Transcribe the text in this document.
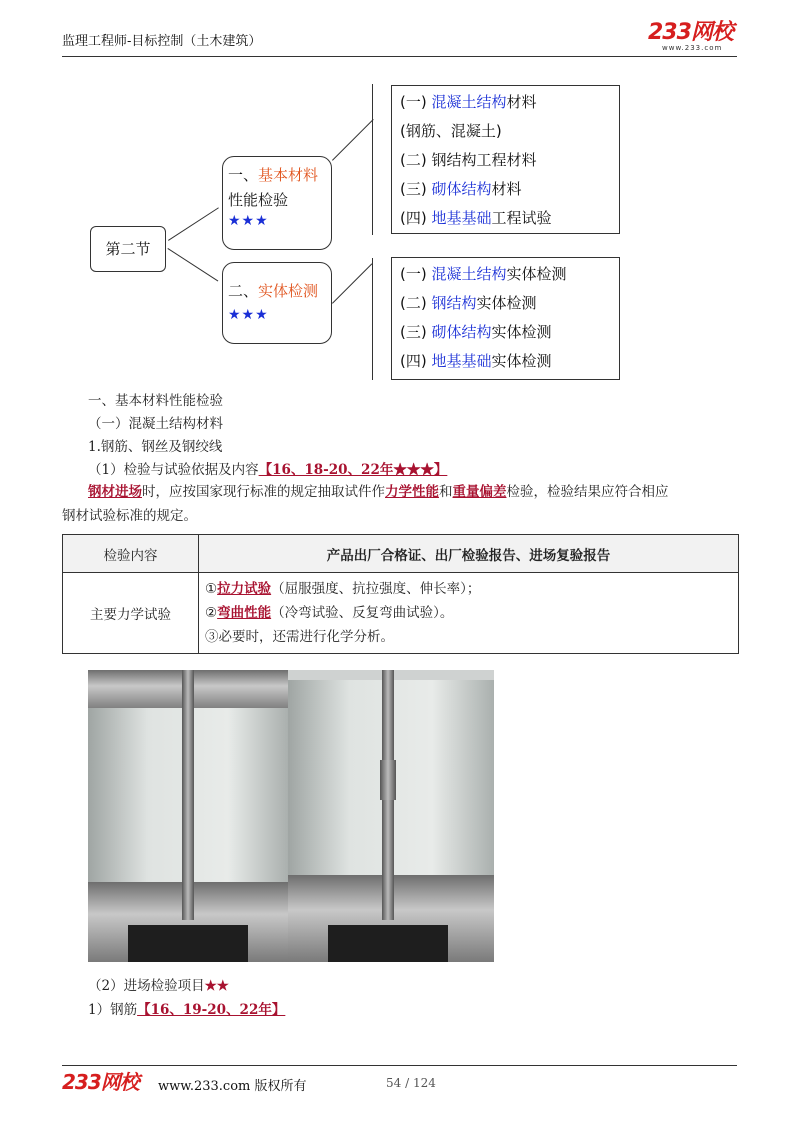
监理工程师-目标控制（土木建筑）	233网校
www.233.com
第二节
一、基本材料
性能检验
★★★
二、实体检测
★★★
(一) 混凝土结构材料
(钢筋、混凝土)
(二) 钢结构工程材料
(三) 砌体结构材料
(四) 地基基础工程试验
(一) 混凝土结构实体检测
(二) 钢结构实体检测
(三) 砌体结构实体检测
(四) 地基基础实体检测
一、基本材料性能检验
（一）混凝土结构材料
1.钢筋、钢丝及钢绞线
（1）检验与试验依据及内容【16、18-20、22年★★★】
钢材进场时，应按国家现行标准的规定抽取试件作力学性能和重量偏差检验，检验结果应符合相应
钢材试验标准的规定。
检验内容	产品出厂合格证、出厂检验报告、进场复验报告
主要力学试验	①拉力试验（屈服强度、抗拉强度、伸长率）；
②弯曲性能（冷弯试验、反复弯曲试验）。
③必要时，还需进行化学分析。
（2）进场检验项目★★
1）钢筋【16、19-20、22年】
233网校 www.233.com 版权所有	54 / 124
